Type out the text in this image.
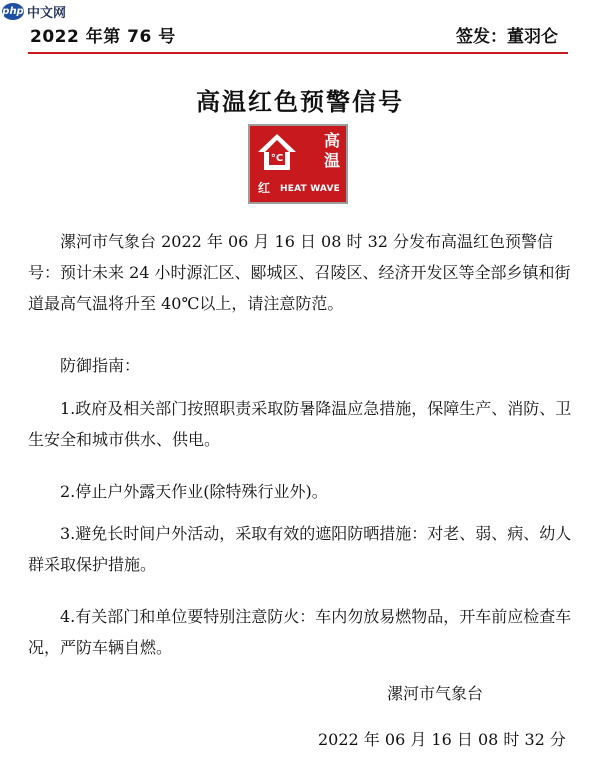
php 中文网
2022 年第 76 号	签发：董羽仑
高温红色预警信号
°C
高
温
红 HEAT WAVE

漯河市气象台 2022 年 06 月 16 日 08 时 32 分发布高温红色预警信号：预计未来 24 小时源汇区、郾城区、召陵区、经济开发区等全部乡镇和街道最高气温将升至 40℃以上，请注意防范。

防御指南：

1.政府及相关部门按照职责采取防暑降温应急措施，保障生产、消防、卫生安全和城市供水、供电。

2.停止户外露天作业(除特殊行业外)。

3.避免长时间户外活动，采取有效的遮阳防晒措施：对老、弱、病、幼人群采取保护措施。

4.有关部门和单位要特别注意防火：车内勿放易燃物品，开车前应检查车况，严防车辆自燃。

漯河市气象台
2022 年 06 月 16 日 08 时 32 分
